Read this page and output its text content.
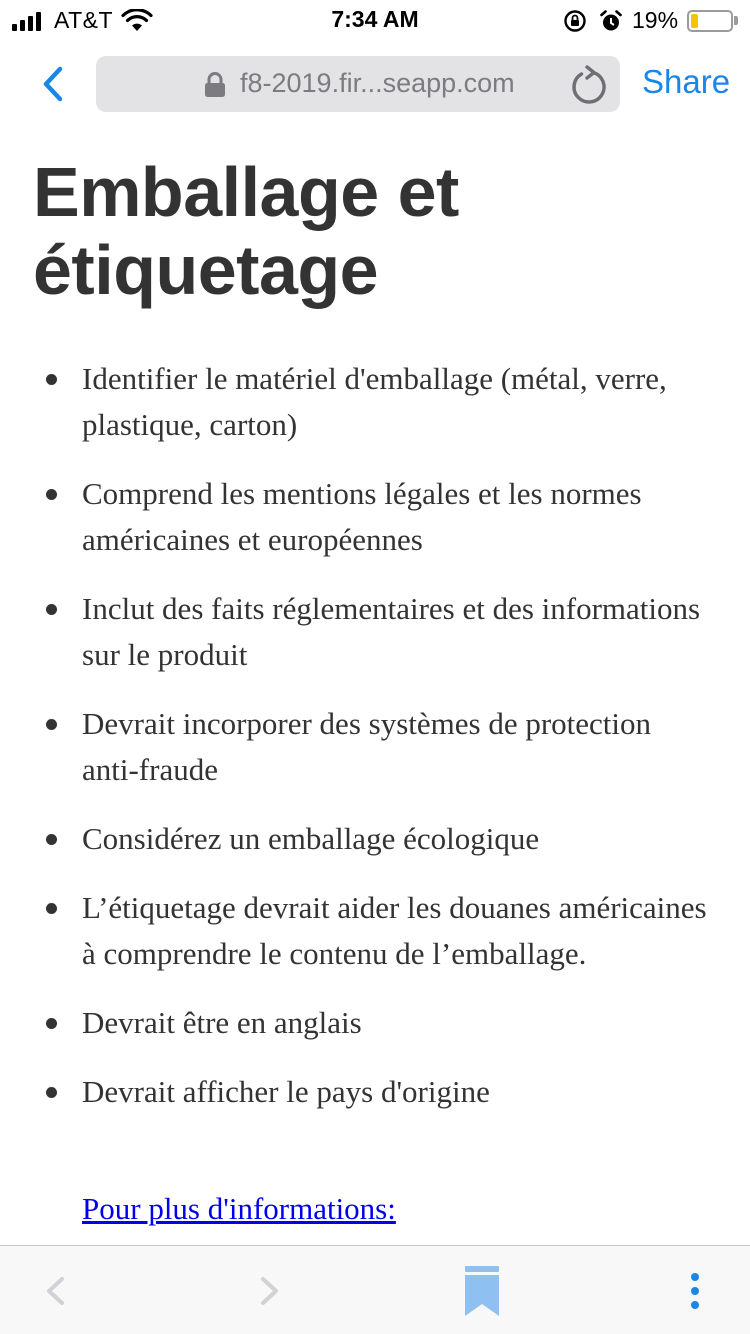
AT&T	7:34 AM	19%
f8-2019.fir...seapp.com	Share
Emballage et étiquetage
Identifier le matériel d'emballage (métal, verre, plastique, carton)
Comprend les mentions légales et les normes américaines et européennes
Inclut des faits réglementaires et des informations sur le produit
Devrait incorporer des systèmes de protection anti-fraude
Considérez un emballage écologique
L’étiquetage devrait aider les douanes américaines à comprendre le contenu de l’emballage.
Devrait être en anglais
Devrait afficher le pays d'origine
Pour plus d'informations:
